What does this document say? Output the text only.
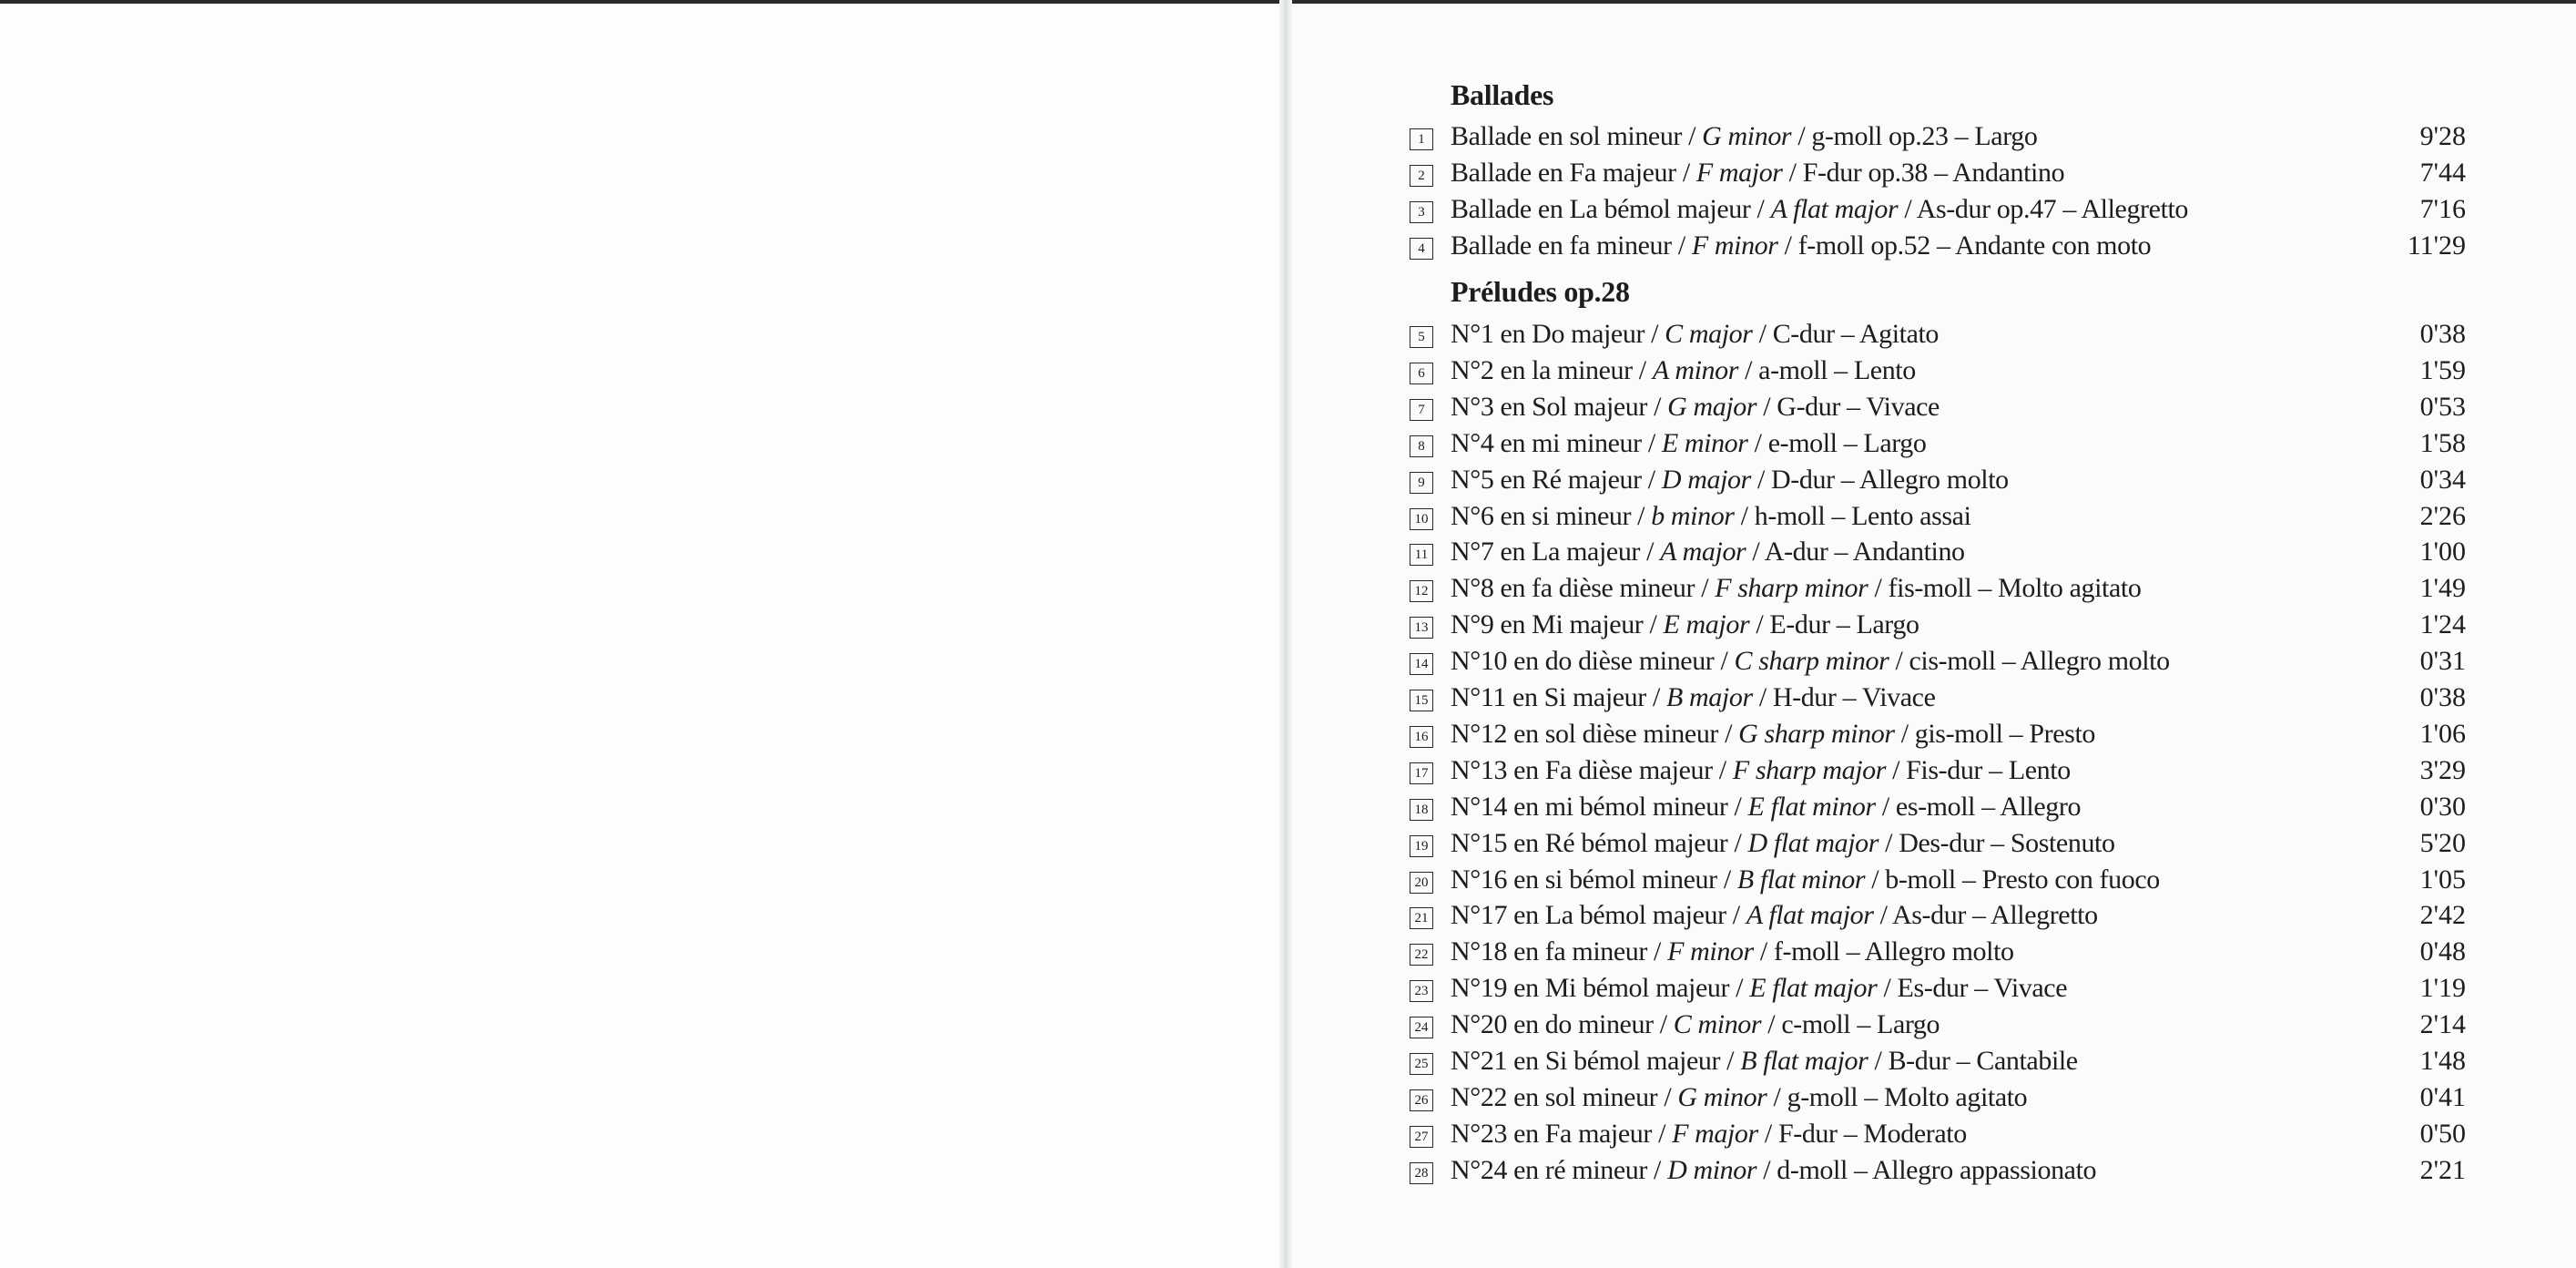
Ballades
1 Ballade en sol mineur / G minor / g-moll op.23 – Largo	9'28
2 Ballade en Fa majeur / F major / F-dur op.38 – Andantino	7'44
3 Ballade en La bémol majeur / A flat major / As-dur op.47 – Allegretto	7'16
4 Ballade en fa mineur / F minor / f-moll op.52 – Andante con moto	11'29
Préludes op.28
5 N°1 en Do majeur / C major / C-dur – Agitato	0'38
6 N°2 en la mineur / A minor / a-moll – Lento	1'59
7 N°3 en Sol majeur / G major / G-dur – Vivace	0'53
8 N°4 en mi mineur / E minor / e-moll – Largo	1'58
9 N°5 en Ré majeur / D major / D-dur – Allegro molto	0'34
10 N°6 en si mineur / b minor / h-moll – Lento assai	2'26
11 N°7 en La majeur / A major / A-dur – Andantino	1'00
12 N°8 en fa dièse mineur / F sharp minor / fis-moll – Molto agitato	1'49
13 N°9 en Mi majeur / E major / E-dur – Largo	1'24
14 N°10 en do dièse mineur / C sharp minor / cis-moll – Allegro molto	0'31
15 N°11 en Si majeur / B major / H-dur – Vivace	0'38
16 N°12 en sol dièse mineur / G sharp minor / gis-moll – Presto	1'06
17 N°13 en Fa dièse majeur / F sharp major / Fis-dur – Lento	3'29
18 N°14 en mi bémol mineur / E flat minor / es-moll – Allegro	0'30
19 N°15 en Ré bémol majeur / D flat major / Des-dur – Sostenuto	5'20
20 N°16 en si bémol mineur / B flat minor / b-moll – Presto con fuoco	1'05
21 N°17 en La bémol majeur / A flat major / As-dur – Allegretto	2'42
22 N°18 en fa mineur / F minor / f-moll – Allegro molto	0'48
23 N°19 en Mi bémol majeur / E flat major / Es-dur – Vivace	1'19
24 N°20 en do mineur / C minor / c-moll – Largo	2'14
25 N°21 en Si bémol majeur / B flat major / B-dur – Cantabile	1'48
26 N°22 en sol mineur / G minor / g-moll – Molto agitato	0'41
27 N°23 en Fa majeur / F major / F-dur – Moderato	0'50
28 N°24 en ré mineur / D minor / d-moll – Allegro appassionato	2'21
